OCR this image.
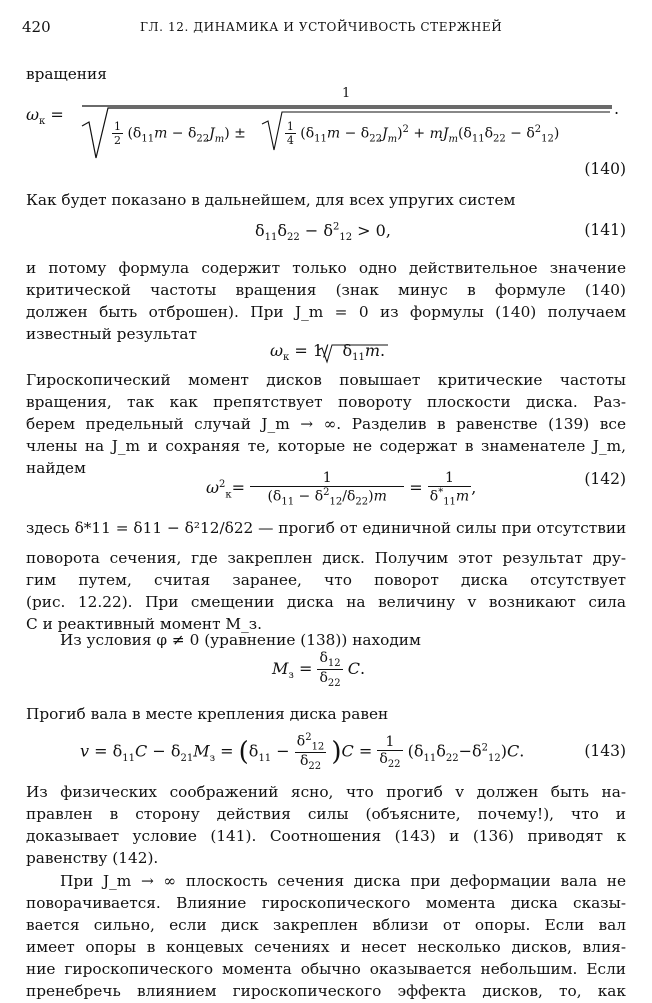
420	ГЛ. 12. ДИНАМИКА И УСТОЙЧИВОСТЬ СТЕРЖНЕЙ
вращения
$\omega_к$ =
1
$\frac{1}{2} (\delta_{11}m - \delta_{22}J_m)$ ±	$\frac{1}{4} (\delta_{11}m - \delta_{22}J_m)^2 + mJ_m(\delta_{11}\delta_{22} - \delta^2_{12})$
.
(140)
Как будет показано в дальнейшем, для всех упругих систем
$\delta_{11}\delta_{22} - \delta^2_{12} > 0$,	(141)
и потому формула содержит только одно действительное значение
критической частоты вращения (знак минус в формуле (140)
должен быть отброшен). При J_m = 0 из формулы (140) получаем
известный результат
$\omega_к = 1/$ $\delta_{11}m$.
Гироскопический момент дисков повышает критические частоты
вращения, так как препятствует повороту плоскости диска. Раз-
берем предельный случай J_m → ∞. Разделив в равенстве (139) все
члены на J_m и сохраняя те, которые не содержат в знаменателе J_m,
найдем
$\omega^2_к= \frac{1}{(\delta_{11} - \delta^2_{12}/\delta_{22})m} = \frac{1}{\delta^*_{11}m}$ ,	(142)
здесь δ*11 = δ11 − δ²12/δ22 — прогиб от единичной силы при отсутствии
поворота сечения, где закреплен диск. Получим этот результат дру-
гим путем, считая заранее, что поворот диска отсутствует
(рис. 12.22). При смещении диска на величину v возникают сила
C и реактивный момент M_з.
Из условия φ ≠ 0 (уравнение (138)) находим
$M_з = \frac{\delta_{12}}{\delta_{22}} C$.
Прогиб вала в месте крепления диска равен
$v = \delta_{11}C - \delta_{21}M_з = (\delta_{11} - \frac{\delta^2_{12}}{\delta_{22}} )C = \frac{1}{\delta_{22}} (\delta_{11}\delta_{22}-\delta^2_{12})C$.	(143)
Из физических соображений ясно, что прогиб v должен быть на-
правлен в сторону действия силы (объясните, почему!), что и
доказывает условие (141). Соотношения (143) и (136) приводят к
равенству (142).
При J_m → ∞ плоскость сечения диска при деформации вала не
поворачивается. Влияние гироскопического момента диска сказы-
вается сильно, если диск закреплен вблизи от опоры. Если вал
имеет опоры в концевых сечениях и несет несколько дисков, влия-
ние гироскопического момента обычно оказывается небольшим. Если
пренебречь влиянием гироскопического эффекта дисков, то, как
